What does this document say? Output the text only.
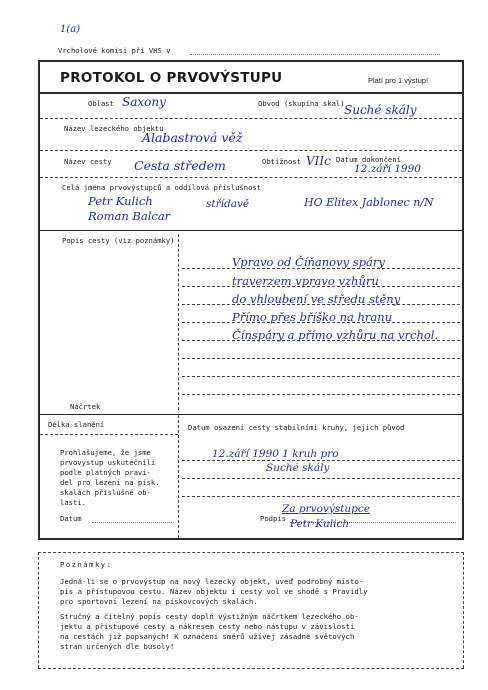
1(a)
Vrcholové komisi při VHS v
PROTOKOL O PRVOVÝSTUPU	Platí pro 1 výstup!
Oblast Saxony	Obvod (skupina skal) Suché skály
Název lezeckého objektu
Alabastrová věž
Název cesty Cesta středem	Obtížnost VIIc Datum dokončení
12.září 1990
Celá jména prvovýstupců a oddílová příslušnost
Petr Kulich	střídavě	HO Elitex Jablonec n/N
Roman Balcar
Popis cesty (viz poznámky)
Vpravo od Číňanovy spáry
traverzem vpravo vzhůru
do vhloubení ve středu stěny
Přímo přes bříško na hranu
Čínspáry a přímo vzhůru na vrchol.
Náčrtek
Délka slanění	Datum osazení cesty stabilními kruhy, jejich původ
Prohlašujeme, že jsme
prvovýstup uskutečnili
podle platných pravi-
del pro lezení na písk.
skalách příslušné ob-
lasti.
12.září 1990 1 kruh pro
Suché skály
Datum	Podpis
Za prvovýstupce
Petr Kulich
Poznámky:
Jedná-li se o prvovýstup na nový lezecký objekt, uveď podrobný místo-
pis a přístupovou cestu. Název objektu i cesty vol ve shodě s Pravidly
pro sportovní lezení na pískovcových skalách.
Stručný a čitelný popis cesty doplň výstižným náčrtkem lezeckého ob-
jektu a přístupové cesty a nákresem cesty nebo nástupu v závislosti
na cestách již popsaných! K označení směrů užívej zásadně světových
stran určených dle busoly!
